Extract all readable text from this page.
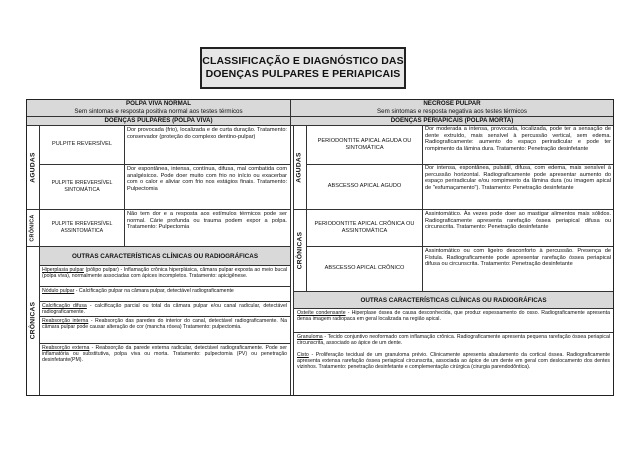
CLASSIFICAÇÃO E DIAGNÓSTICO DAS
DOENÇAS PULPARES E PERIAPICAIS
POLPA VIVA NORMAL
Sem sintomas e resposta positiva normal aos testes térmicos
DOENÇAS PULPARES (POLPA VIVA)
NECROSE PULPAR
Sem sintomas e resposta negativa aos testes térmicos
DOENÇAS PERIAPICAIS (POLPA MORTA)
AGUDAS
CRÔNICA
CRÔNICAS
PULPITE REVERSÍVEL
Dor provocada (frio), localizada e de curta duração. Tratamento: conservador (proteção do complexo dentino-pulpar)
PULPITE IRREVERSÍVEL SINTOMÁTICA
Dor espontânea, intensa, contínua, difusa, mal combatida com analgésicos. Pode doer muito com frio no início ou exacerbar com o calor e aliviar com frio nos estágios finais. Tratamento: Pulpectomia
PULPITE IRREVERSÍVEL ASSINTOMÁTICA
Não tem dor e a resposta aos estímulos térmicos pode ser normal. Cárie profunda ou trauma podem expor a polpa. Tratamento: Pulpectomia
OUTRAS CARACTERÍSTICAS CLÍNICAS OU RADIOGRÁFICAS
Hiperplasia pulpar (pólipo pulpar) - Inflamação crônica hiperplásica, câmara pulpar exposta ao meio bucal (polpa viva), normalmente associadas com ápices incompletos. Tratamento: apicigênese.
Nódulo pulpar - Calcificação pulpar na câmara pulpar, detectável radiograficamente
Calcificação difusa - calcificação parcial ou total da câmara pulpar e/ou canal radicular, detectável radiograficamente.
Reabsorção interna - Reabsorção das paredes do interior do canal, detectável radiograficamente. Na câmara pulpar pode causar alteração de cor (mancha rósea) Tratamento: pulpectomia.
Reabsorção externa - Reabsorção da parede externa radicular, detectável radiograficamente. Pode ser inflamatória ou substitutiva, polpa viva ou morta. Tratamento: pulpectomia (PV) ou penetração desinfetante(PM).
AGUDAS
CRÔNICAS
PERIODONTITE APICAL AGUDA OU SINTOMÁTICA
Dor moderada a intensa, provocada, localizada, pode ter a sensação de dente extruído, mais sensível à percussão vertical, sem edema. Radiograficamente: aumento do espaço periradicular e pode ter rompimento da lâmina dura. Tratamento: Penetração desinfetante
ABSCESSO APICAL AGUDO
Dor intensa, espontânea, pulsátil, difusa, com edema, mais sensível à percussão horizontal. Radiograficamente pode apresentar aumento do espaço periradicular e/ou rompimento da lâmina dura (ou imagem apical de "esfumaçamento"). Tratamento: Penetração desinfetante
PERIODONTITE APICAL CRÔNICA OU ASSINTOMÁTICA
Assintomático. Às vezes pode doer ao mastigar alimentos mais sólidos. Radiograficamente apresenta rarefação óssea periapical difusa ou circunscrita. Tratamento: Penetração desinfetante
ABSCESSO APICAL CRÔNICO
Assintomático ou com ligeiro desconforto à percussão. Presença de Fístula. Radiograficamente pode apresentar rarefação óssea periapical difusa ou circunscrita. Tratamento: Penetração desinfetante
OUTRAS CARACTERÍSTICAS CLÍNICAS OU RADIOGRÁFICAS
Osteíte condensante - Hiperplase óssea de causa desconhecida, que produz espessamento do osso. Radiograficamente apresenta densa imagem radiopaca em geral localizada na região apical.
Granuloma - Tecido conjuntivo neoformado com inflamação crônica. Radiograficamente apresenta pequena rarefação óssea periapical circunscrita, associado ao ápice de um dente.
Cisto - Proliferação tecidual de um granuloma prévio. Clinicamente apresenta abaulamento da cortical óssea. Radiograficamente apresenta extensa rarefação óssea periapical circunscrita, associada ao ápice de um dente em geral com deslocamento dos dentes vizinhos. Tratamento: penetração desinfetante e complementação cirúrgica (cirurgia parendodôntica).
